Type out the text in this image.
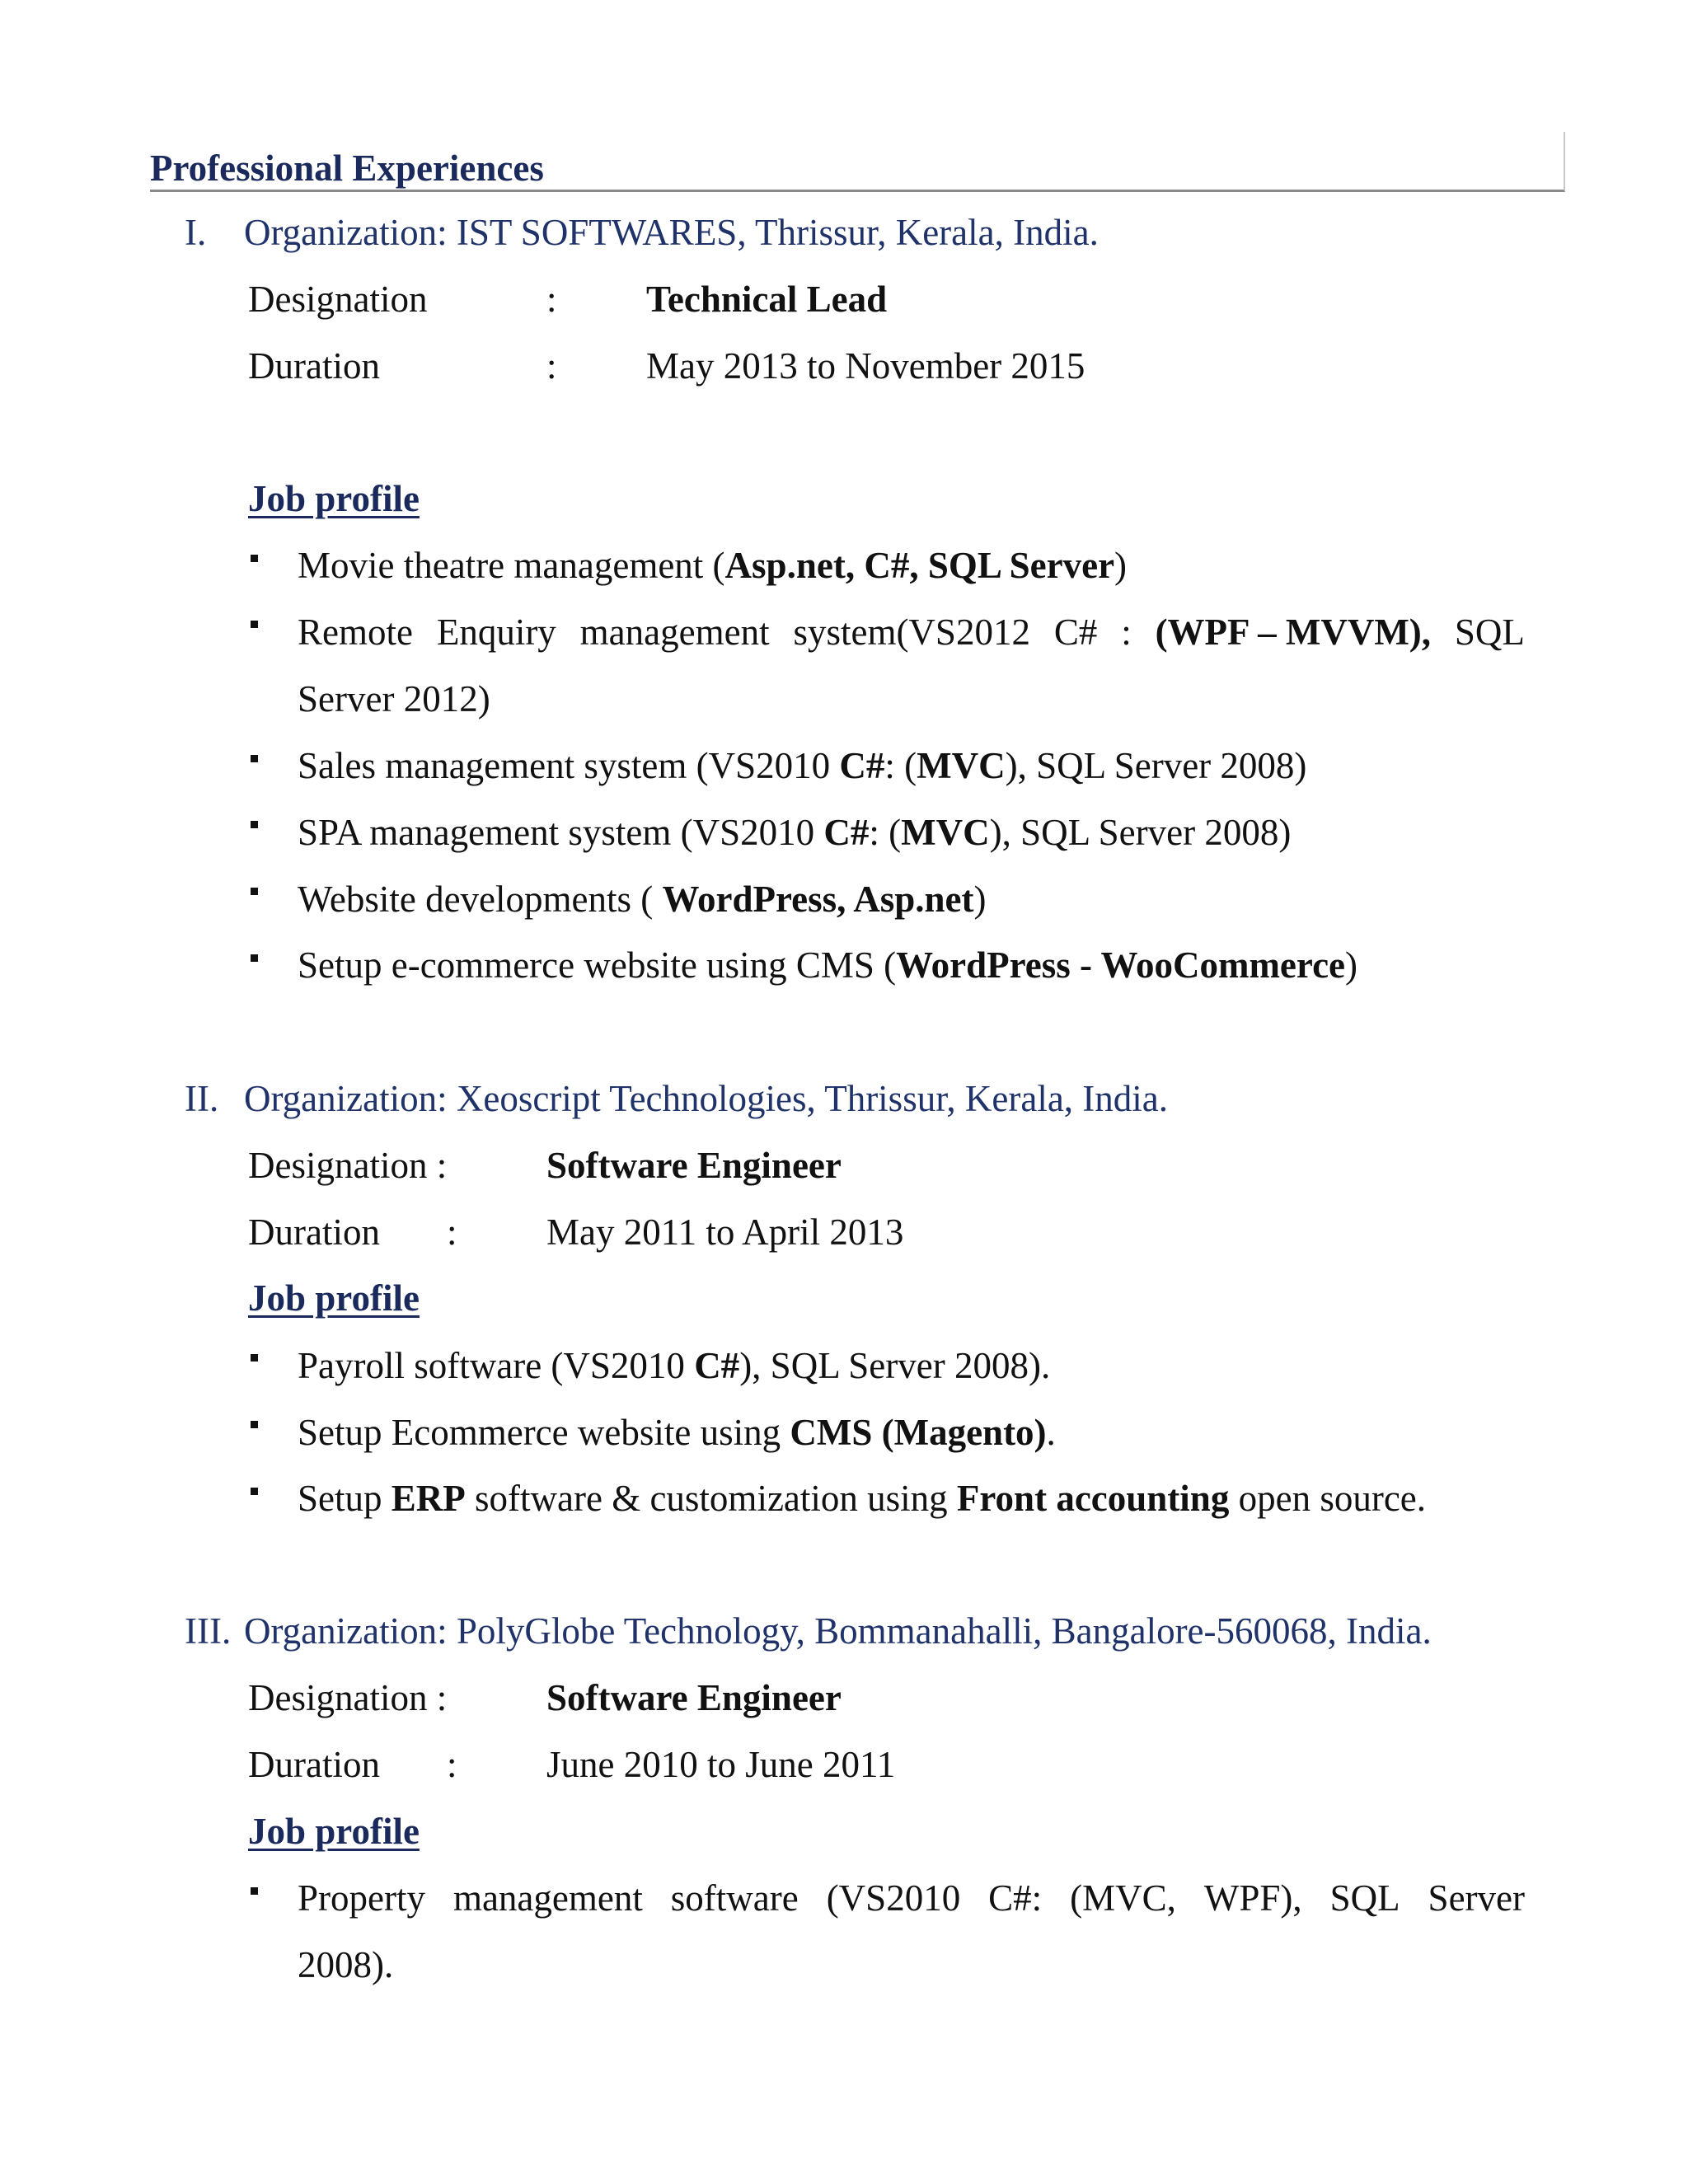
Professional Experiences
I. Organization: IST SOFTWARES, Thrissur, Kerala, India.
Designation	: Technical Lead
Duration	: May 2013 to November 2015
Job profile
Movie theatre management (Asp.net, C#, SQL Server)
Remote Enquiry management system(VS2012 C# : (WPF – MVVM), SQL
Server 2012)
Sales management system (VS2010 C#: (MVC), SQL Server 2008)
SPA management system (VS2010 C#: (MVC), SQL Server 2008)
Website developments ( WordPress, Asp.net)
Setup e-commerce website using CMS (WordPress - WooCommerce)
II. Organization: Xeoscript Technologies, Thrissur, Kerala, India.
Designation :	Software Engineer
Duration : May 2011 to April 2013
Job profile
Payroll software (VS2010 C#), SQL Server 2008).
Setup Ecommerce website using CMS (Magento).
Setup ERP software & customization using Front accounting open source.
III. Organization: PolyGlobe Technology, Bommanahalli, Bangalore-560068, India.
Designation :	Software Engineer
Duration : June 2010 to June 2011
Job profile
Property management software (VS2010 C#: (MVC, WPF), SQL Server
2008).
